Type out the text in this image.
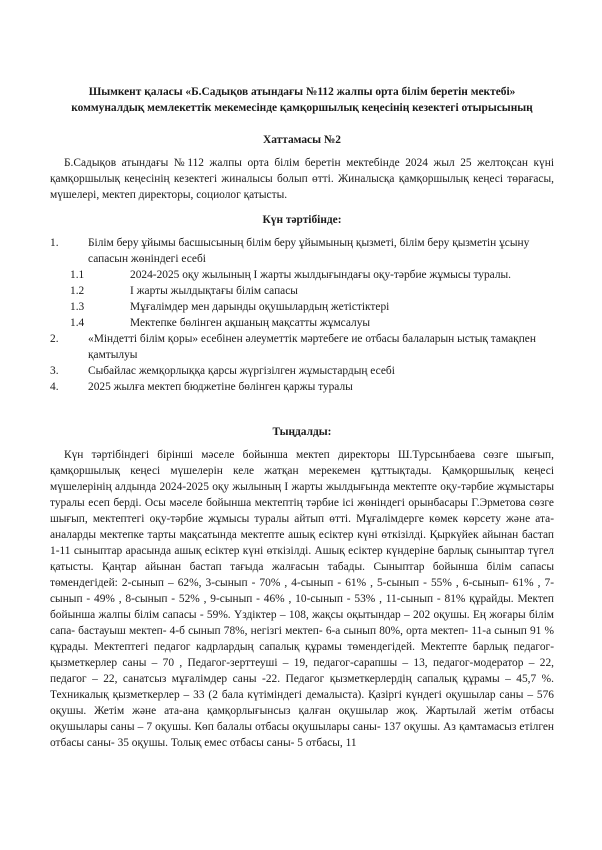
Шымкент қаласы «Б.Садықов атындағы №112 жалпы орта білім беретін мектебі»
коммуналдық мемлекеттік мекемесінде қамқоршылық кеңесінің кезектегі отырысының
Хаттамасы №2
Б.Садықов атындағы №112 жалпы орта білім беретін мектебінде 2024 жыл 25 желтоқсан күні қамқоршылық кеңесінің кезектегі жиналысы болып өтті. Жиналысқа қамқоршылық кеңесі төрағасы, мүшелері, мектеп директоры, социолог қатысты.
Күн тәртібінде:
1.	Білім беру ұйымы басшысының білім беру ұйымының қызметі, білім беру қызметін ұсыну сапасын жөніндегі есебі
1.1	2024-2025 оқу жылының I жарты жылдығындағы оқу-тәрбие жұмысы туралы.
1.2	I жарты жылдықтағы білім сапасы
1.3	Мұғалімдер мен дарынды оқушылардың жетістіктері
1.4	Мектепке бөлінген ақшаның мақсатты жұмсалуы
2.	«Міндетті білім қоры» есебінен әлеуметтік мәртебеге ие отбасы балаларын ыстық тамақпен қамтылуы
3.	Сыбайлас жемқорлыққа қарсы жүргізілген жұмыстардың есебі
4.	2025 жылға мектеп бюджетіне бөлінген қаржы туралы
Тыңдалды:
Күн тәртібіндегі бірінші мәселе бойынша мектеп директоры Ш.Турсынбаева сөзге шығып, қамқоршылық кеңесі мүшелерін келе жатқан мерекемен құттықтады. Қамқоршылық кеңесі мүшелерінің алдында 2024-2025 оқу жылының I жарты жылдығында мектепте оқу-тәрбие жұмыстары туралы есеп берді. Осы мәселе бойынша мектептің тәрбие ісі жөніндегі орынбасары Г.Эрметова сөзге шығып, мектептегі оқу-тәрбие жұмысы туралы айтып өтті. Мұғалімдерге көмек көрсету және ата-аналарды мектепке тарты мақсатында мектепте ашық есіктер күні өткізілді. Қыркүйек айынан бастап 1-11 сыныптар арасында ашық есіктер күні өткізілді. Ашық есіктер күндеріне барлық сыныптар түгел қатысты. Қаңтар айынан бастап тағыда жалғасын табады. Сыныптар бойынша білім сапасы төмендегідей: 2-сынып – 62%, 3-сынып - 70% , 4-сынып - 61% , 5-сынып - 55% , 6-сынып- 61% , 7-сынып - 49% , 8-сынып - 52% , 9-сынып - 46% , 10-сынып - 53% , 11-сынып - 81% құрайды. Мектеп бойынша жалпы білім сапасы - 59%. Үздіктер – 108, жақсы оқытындар – 202 оқушы. Ең жоғары білім сапа- бастауыш мектеп- 4-б сынып 78%, негізгі мектеп- 6-а сынып 80%, орта мектеп- 11-а сынып 91 % құрады. Мектептегі педагог кадрлардың сапалық құрамы төмендегідей. Мектепте барлық педагог-қызметкерлер саны – 70 , Педагог-зерттеуші – 19, педагог-сарапшы – 13, педагог-модератор – 22, педагог – 22, санатсыз мұғалімдер саны -22. Педагог қызметкерлердің сапалық құрамы – 45,7 %. Техникалық қызметкерлер – 33 (2 бала күтіміндегі демалыста). Қазіргі күндегі оқушылар саны – 576 оқушы. Жетім және ата-ана қамқорлығынсыз қалған оқушылар жоқ. Жартылай жетім отбасы оқушылары саны – 7 оқушы. Көп балалы отбасы оқушылары саны- 137 оқушы. Аз қамтамасыз етілген отбасы саны- 35 оқушы. Толық емес отбасы саны- 5 отбасы, 11
